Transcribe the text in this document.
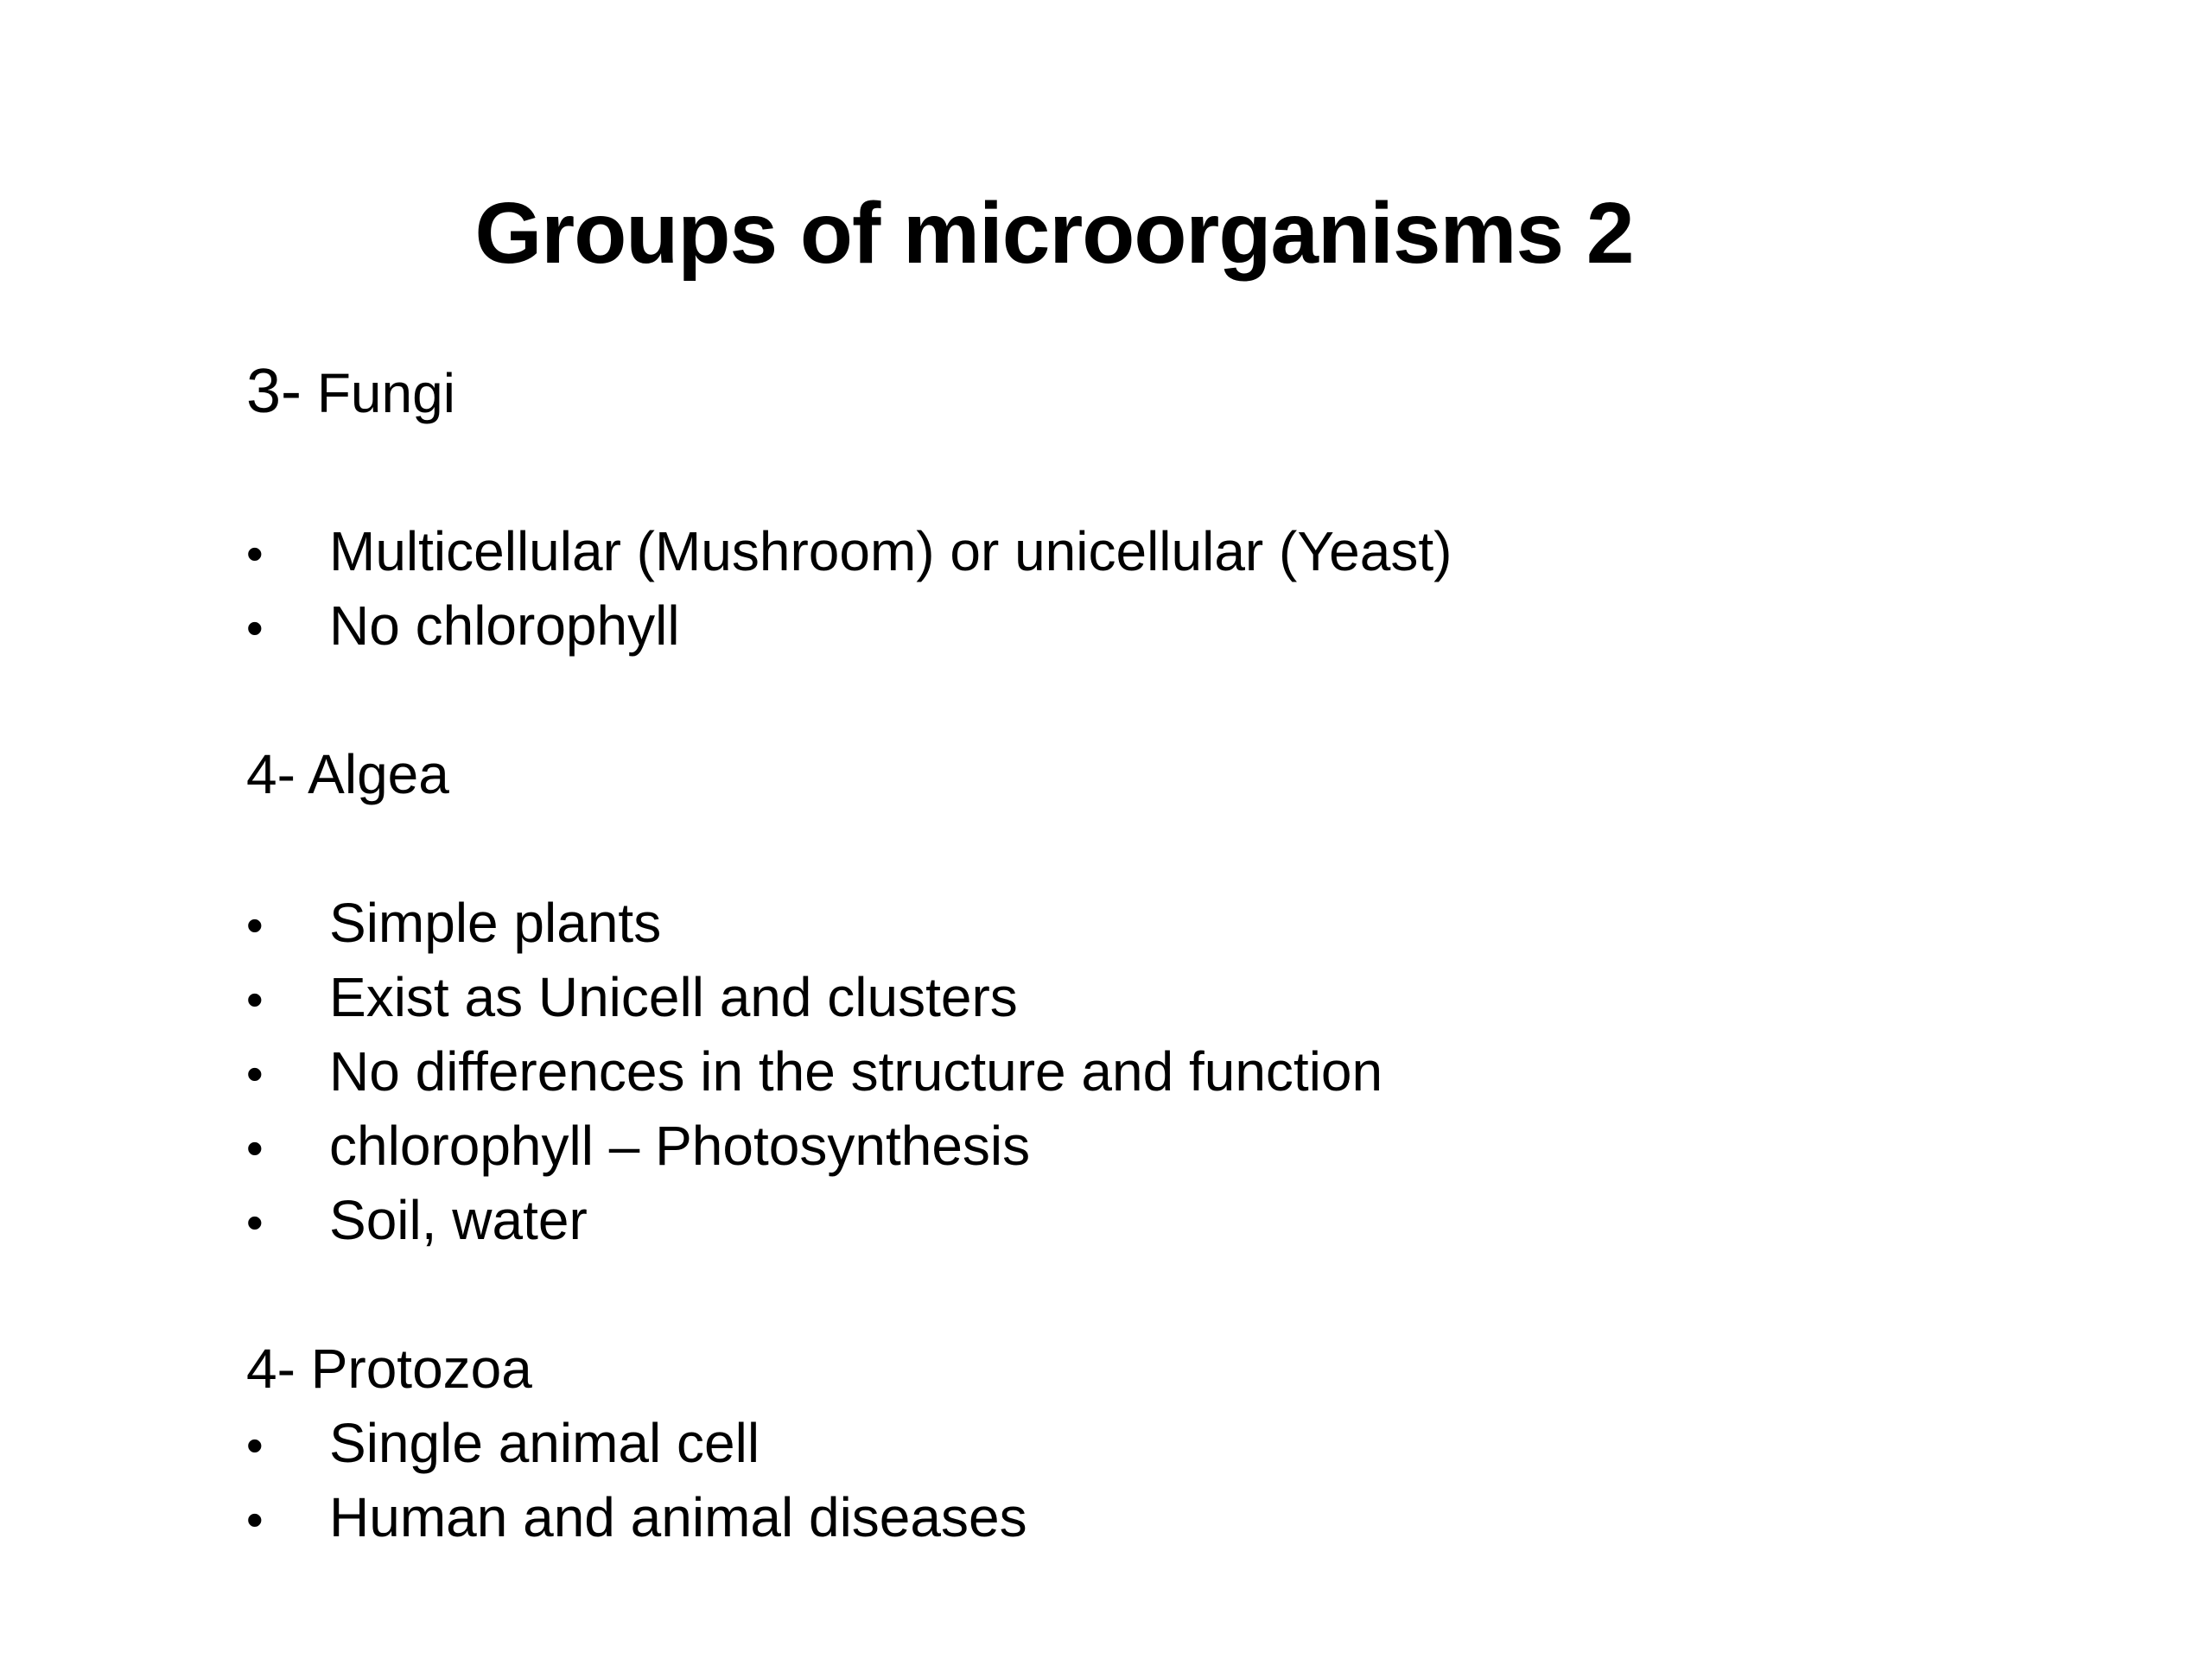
Groups of microorganisms 2
3- Fungi
• Multicellular (Mushroom) or unicellular (Yeast)
• No chlorophyll
4- Algea
• Simple plants
• Exist as Unicell and clusters
• No differences in the structure and function
• chlorophyll – Photosynthesis
• Soil, water
4- Protozoa
• Single animal cell
• Human and animal diseases
